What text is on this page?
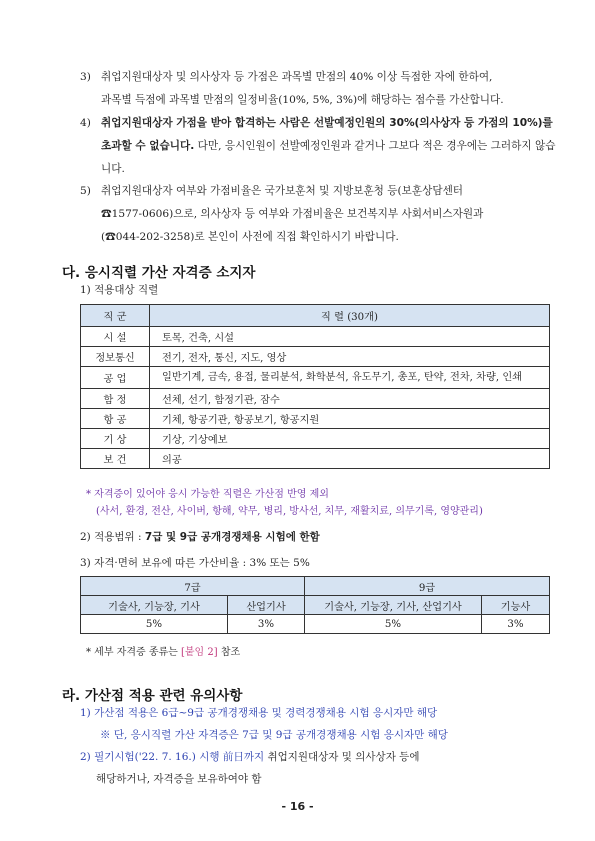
3) 취업지원대상자 및 의사상자 등 가점은 과목별 만점의 40% 이상 득점한 자에 한하여,
과목별 득점에 과목별 만점의 일정비율(10%, 5%, 3%)에 해당하는 점수를 가산합니다.
4) 취업지원대상자 가점을 받아 합격하는 사람은 선발예정인원의 30%(의사상자 등 가점의 10%)를 초과할 수 없습니다. 다만, 응시인원이 선발예정인원과 같거나 그보다 적은 경우에는 그러하지 않습니다.
5) 취업지원대상자 여부와 가점비율은 국가보훈처 및 지방보훈청 등(보훈상담센터
☎1577-0606)으로, 의사상자 등 여부와 가점비율은 보건복지부 사회서비스자원과
(☎044-202-3258)로 본인이 사전에 직접 확인하시기 바랍니다.
다. 응시직렬 가산 자격증 소지자
1) 적용대상 직렬
직 군	직 렬 (30개)
시 설	토목, 건축, 시설
정보통신	전기, 전자, 통신, 지도, 영상
공 업	일반기계, 금속, 용접, 물리분석, 화학분석, 유도무기, 총포, 탄약, 전차, 차량, 인쇄
함 정	선체, 선기, 함정기관, 잠수
항 공	기체, 항공기관, 항공보기, 항공지원
기 상	기상, 기상예보
보 건	의공
* 자격증이 있어야 응시 가능한 직렬은 가산점 반영 제외
(사서, 환경, 전산, 사이버, 항해, 약무, 병리, 방사선, 치무, 재활치료, 의무기록, 영양관리)
2) 적용범위 : 7급 및 9급 공개경쟁채용 시험에 한함
3) 자격·면허 보유에 따른 가산비율 : 3% 또는 5%
7급		9급	
기술사, 기능장, 기사	산업기사	기술사, 기능장, 기사, 산업기사	기능사
5%	3%	5%	3%
* 세부 자격증 종류는 [붙임 2] 참조
라. 가산점 적용 관련 유의사항
1) 가산점 적용은 6급~9급 공개경쟁채용 및 경력경쟁채용 시험 응시자만 해당
※ 단, 응시직렬 가산 자격증은 7급 및 9급 공개경쟁채용 시험 응시자만 해당
2) 필기시험('22. 7. 16.) 시행 前日까지 취업지원대상자 및 의사상자 등에
해당하거나, 자격증을 보유하여야 함
- 16 -
